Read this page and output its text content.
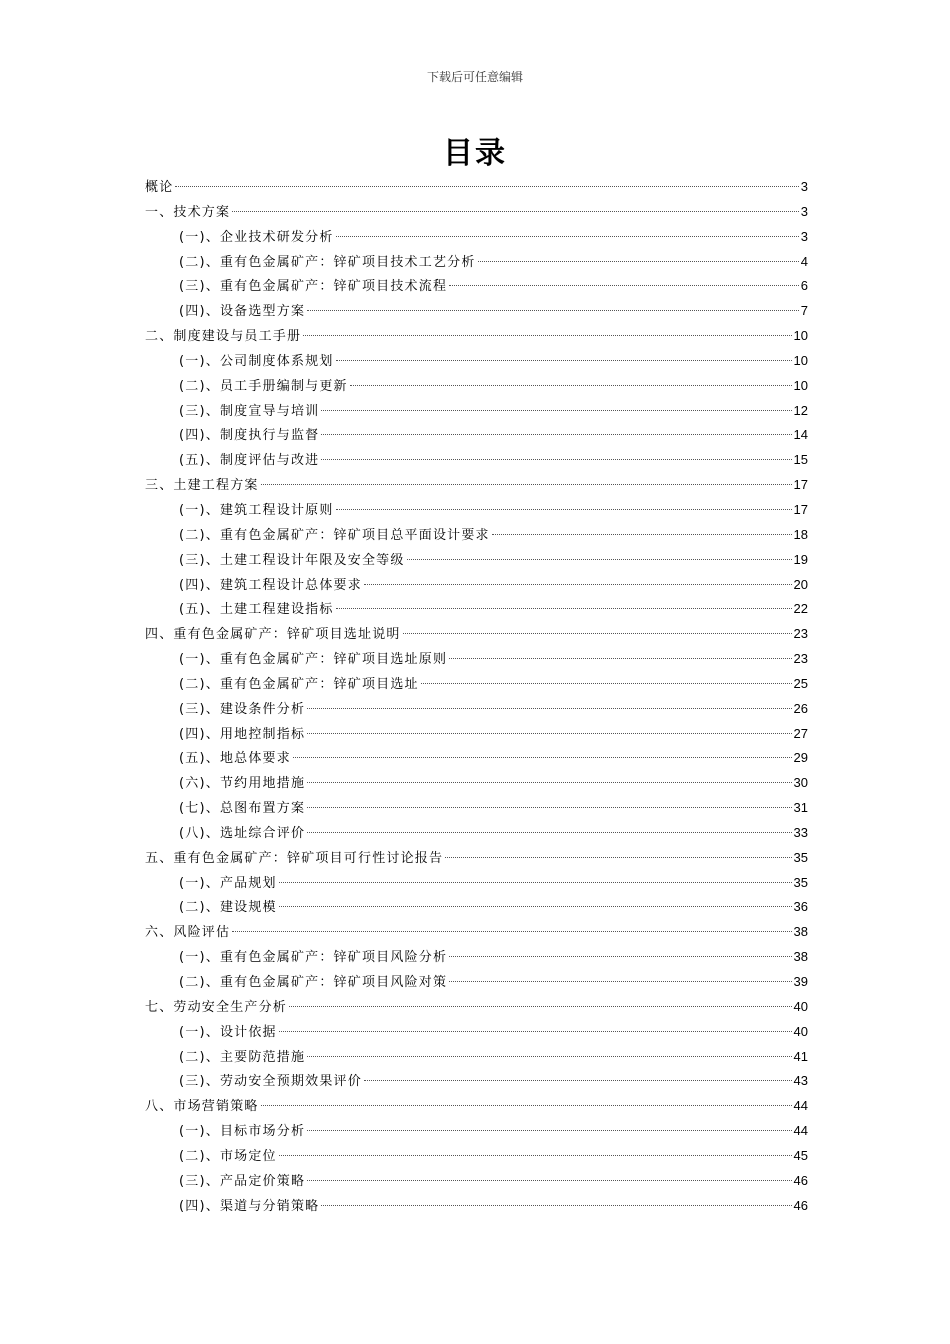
下载后可任意编辑
目录
概论	3
一、技术方案	3
(一)、企业技术研发分析	3
(二)、重有色金属矿产：锌矿项目技术工艺分析	4
(三)、重有色金属矿产：锌矿项目技术流程	6
(四)、设备选型方案	7
二、制度建设与员工手册	10
(一)、公司制度体系规划	10
(二)、员工手册编制与更新	10
(三)、制度宣导与培训	12
(四)、制度执行与监督	14
(五)、制度评估与改进	15
三、土建工程方案	17
(一)、建筑工程设计原则	17
(二)、重有色金属矿产：锌矿项目总平面设计要求	18
(三)、土建工程设计年限及安全等级	19
(四)、建筑工程设计总体要求	20
(五)、土建工程建设指标	22
四、重有色金属矿产：锌矿项目选址说明	23
(一)、重有色金属矿产：锌矿项目选址原则	23
(二)、重有色金属矿产：锌矿项目选址	25
(三)、建设条件分析	26
(四)、用地控制指标	27
(五)、地总体要求	29
(六)、节约用地措施	30
(七)、总图布置方案	31
(八)、选址综合评价	33
五、重有色金属矿产：锌矿项目可行性讨论报告	35
(一)、产品规划	35
(二)、建设规模	36
六、风险评估	38
(一)、重有色金属矿产：锌矿项目风险分析	38
(二)、重有色金属矿产：锌矿项目风险对策	39
七、劳动安全生产分析	40
(一)、设计依据	40
(二)、主要防范措施	41
(三)、劳动安全预期效果评价	43
八、市场营销策略	44
(一)、目标市场分析	44
(二)、市场定位	45
(三)、产品定价策略	46
(四)、渠道与分销策略	46
